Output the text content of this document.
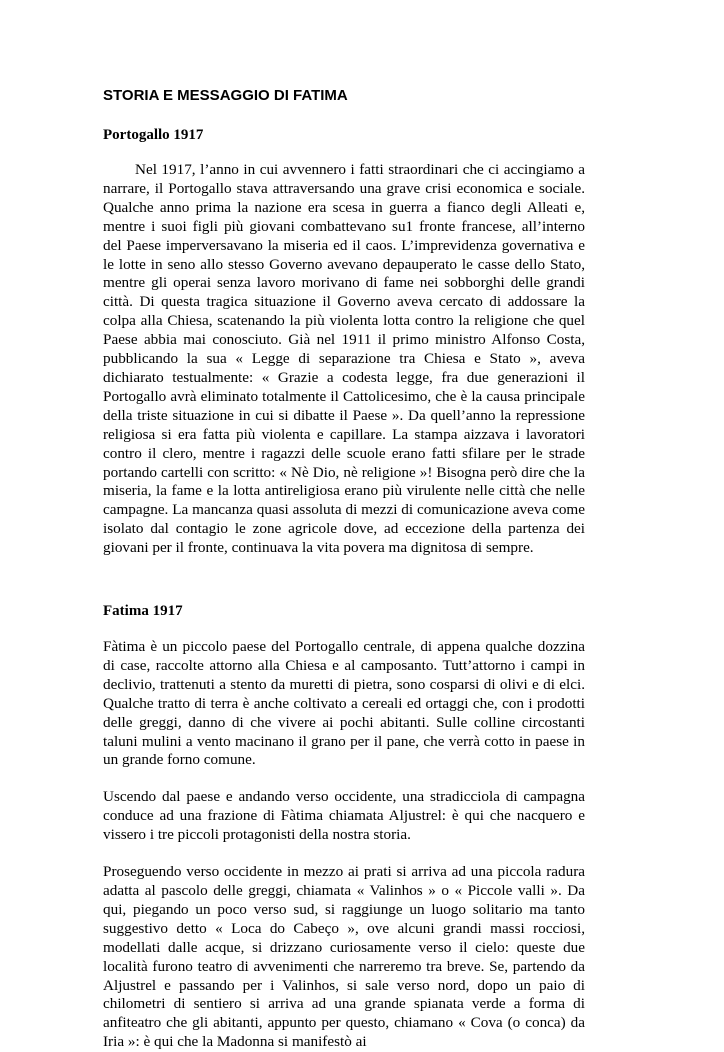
STORIA E MESSAGGIO DI FATIMA
Portogallo 1917

Nel 1917, l’anno in cui avvennero i fatti straordinari che ci accingiamo a narrare, il Portogallo stava attraversando una grave crisi economica e sociale. Qualche anno prima la nazione era scesa in guerra a fianco degli Alleati e, mentre i suoi figli più giovani combattevano su1 fronte francese, all’interno del Paese imperversavano la miseria ed il caos. L’imprevidenza governativa e le lotte in seno allo stesso Governo avevano depauperato le casse dello Stato, mentre gli operai senza lavoro morivano di fame nei sobborghi delle grandi città. Di questa tragica situazione il Governo aveva cercato di addossare la colpa alla Chiesa, scatenando la più violenta lotta contro la religione che quel Paese abbia mai conosciuto. Già nel 1911 il primo ministro Alfonso Costa, pubblicando la sua « Legge di separazione tra Chiesa e Stato », aveva dichiarato testualmente: « Grazie a codesta legge, fra due generazioni il Portogallo avrà eliminato totalmente il Cattolicesimo, che è la causa principale della triste situazione in cui si dibatte il Paese ». Da quell’anno la repressione religiosa si era fatta più violenta e capillare. La stampa aizzava i lavoratori contro il clero, mentre i ragazzi delle scuole erano fatti sfilare per le strade portando cartelli con scritto: « Nè Dio, nè religione »! Bisogna però dire che la miseria, la fame e la lotta antireligiosa erano più virulente nelle città che nelle campagne. La mancanza quasi assoluta di mezzi di comunicazione aveva come isolato dal contagio le zone agricole dove, ad eccezione della partenza dei giovani per il fronte, continuava la vita povera ma dignitosa di sempre.

Fatima 1917

Fàtima è un piccolo paese del Portogallo centrale, di appena qualche dozzina di case, raccolte attorno alla Chiesa e al camposanto. Tutt’attorno i campi in declivio, trattenuti a stento da muretti di pietra, sono cosparsi di olivi e di elci. Qualche tratto di terra è anche coltivato a cereali ed ortaggi che, con i prodotti delle greggi, danno di che vivere ai pochi abitanti. Sulle colline circostanti taluni mulini a vento macinano il grano per il pane, che verrà cotto in paese in un grande forno comune.

Uscendo dal paese e andando verso occidente, una stradicciola di campagna conduce ad una frazione di Fàtima chiamata Aljustrel: è qui che nacquero e vissero i tre piccoli protagonisti della nostra storia.

Proseguendo verso occidente in mezzo ai prati si arriva ad una piccola radura adatta al pascolo delle greggi, chiamata « Valinhos » o « Piccole valli ». Da qui, piegando un poco verso sud, si raggiunge un luogo solitario ma tanto suggestivo detto « Loca do Cabeço », ove alcuni grandi massi rocciosi, modellati dalle acque, si drizzano curiosamente verso il cielo: queste due località furono teatro di avvenimenti che narreremo tra breve. Se, partendo da Aljustrel e passando per i Valinhos, si sale verso nord, dopo un paio di chilometri di sentiero si arriva ad una grande spianata verde a forma di anfiteatro che gli abitanti, appunto per questo, chiamano « Cova (o conca) da Iria »: è qui che la Madonna si manifestò ai
